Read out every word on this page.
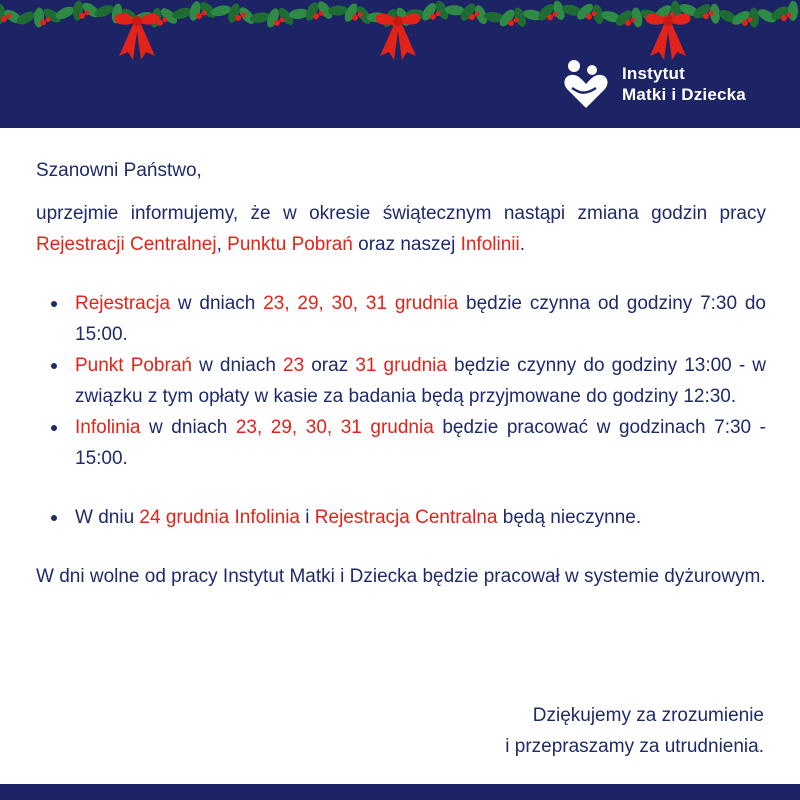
Instytut
Matki i Dziecka

Szanowni Państwo,

uprzejmie informujemy, że w okresie świątecznym nastąpi zmiana godzin pracy Rejestracji Centralnej, Punktu Pobrań oraz naszej Infolinii.

Rejestracja w dniach 23, 29, 30, 31 grudnia będzie czynna od godziny 7:30 do 15:00.
Punkt Pobrań w dniach 23 oraz 31 grudnia będzie czynny do godziny 13:00 - w związku z tym opłaty w kasie za badania będą przyjmowane do godziny 12:30.
Infolinia w dniach 23, 29, 30, 31 grudnia będzie pracować w godzinach 7:30 - 15:00.
W dniu 24 grudnia Infolinia i Rejestracja Centralna będą nieczynne.

W dni wolne od pracy Instytut Matki i Dziecka będzie pracował w systemie dyżurowym.

Dziękujemy za zrozumienie
i przepraszamy za utrudnienia.
